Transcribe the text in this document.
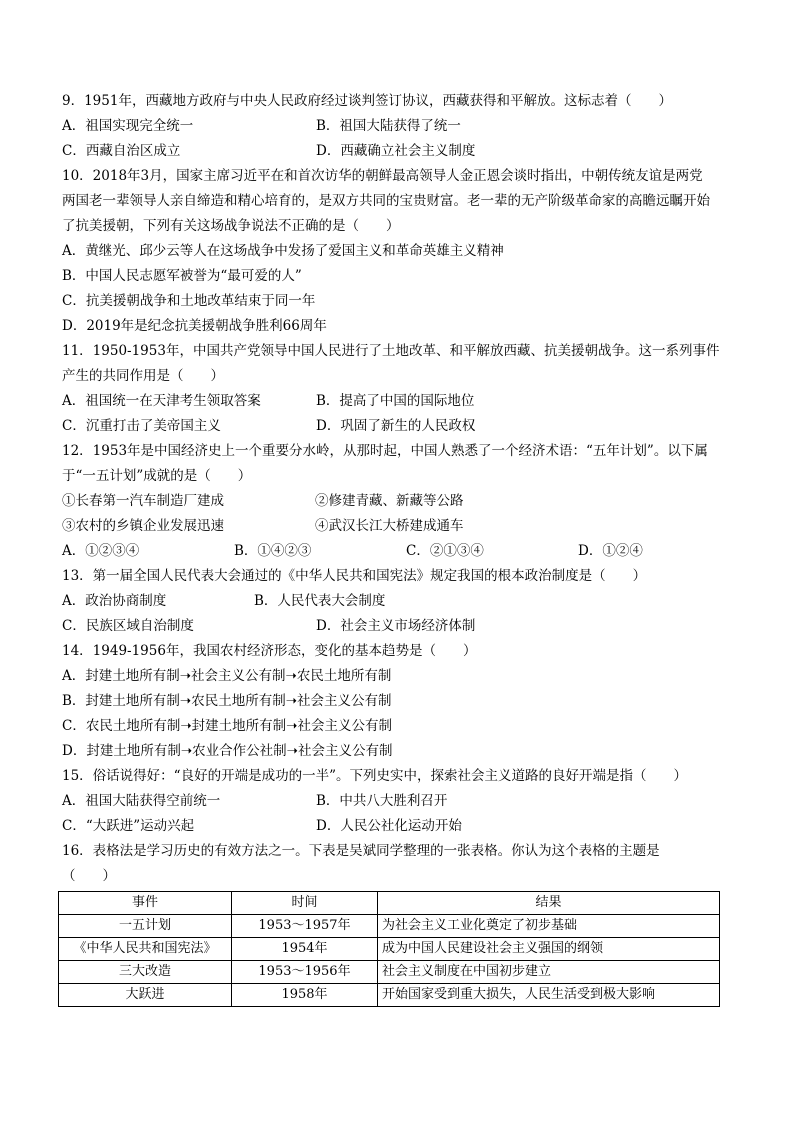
9．1951年，西藏地方政府与中央人民政府经过谈判签订协议，西藏获得和平解放。这标志着（　　）
A．祖国实现完全统一	B．祖国大陆获得了统一
C．西藏自治区成立	D．西藏确立社会主义制度
10．2018年3月，国家主席习近平在和首次访华的朝鲜最高领导人金正恩会谈时指出，中朝传统友谊是两党
两国老一辈领导人亲自缔造和精心培育的，是双方共同的宝贵财富。老一辈的无产阶级革命家的高瞻远瞩开始
了抗美援朝，下列有关这场战争说法不正确的是（　　）
A．黄继光、邱少云等人在这场战争中发扬了爱国主义和革命英雄主义精神
B．中国人民志愿军被誉为“最可爱的人”
C．抗美援朝战争和土地改革结束于同一年
D．2019年是纪念抗美援朝战争胜利66周年
11．1950-1953年，中国共产党领导中国人民进行了土地改革、和平解放西藏、抗美援朝战争。这一系列事件
产生的共同作用是（　　）
A．祖国统一在天津考生领取答案	B．提高了中国的国际地位
C．沉重打击了美帝国主义	D．巩固了新生的人民政权
12．1953年是中国经济史上一个重要分水岭，从那时起，中国人熟悉了一个经济术语：“五年计划”。以下属
于“一五计划”成就的是（　　）
①长春第一汽车制造厂建成	②修建青藏、新藏等公路
③农村的乡镇企业发展迅速	④武汉长江大桥建成通车
A．①②③④	B．①④②③	C．②①③④	D．①②④
13．第一届全国人民代表大会通过的《中华人民共和国宪法》规定我国的根本政治制度是（　　）
A．政治协商制度	B．人民代表大会制度
C．民族区域自治制度	D．社会主义市场经济体制
14．1949-1956年，我国农村经济形态，变化的基本趋势是（　　）
A．封建土地所有制➝社会主义公有制➝农民土地所有制
B．封建土地所有制➝农民土地所有制➝社会主义公有制
C．农民土地所有制➝封建土地所有制➝社会主义公有制
D．封建土地所有制➝农业合作公社制➝社会主义公有制
15．俗话说得好：“良好的开端是成功的一半”。下列史实中，探索社会主义道路的良好开端是指（　　）
A．祖国大陆获得空前统一	B．中共八大胜利召开
C．“大跃进”运动兴起	D．人民公社化运动开始
16．表格法是学习历史的有效方法之一。下表是吴斌同学整理的一张表格。你认为这个表格的主题是
（　　）
事件	时间	结果
一五计划	1953～1957年	为社会主义工业化奠定了初步基础
《中华人民共和国宪法》	1954年	成为中国人民建设社会主义强国的纲领
三大改造	1953～1956年	社会主义制度在中国初步建立
大跃进	1958年	开始国家受到重大损失，人民生活受到极大影响
